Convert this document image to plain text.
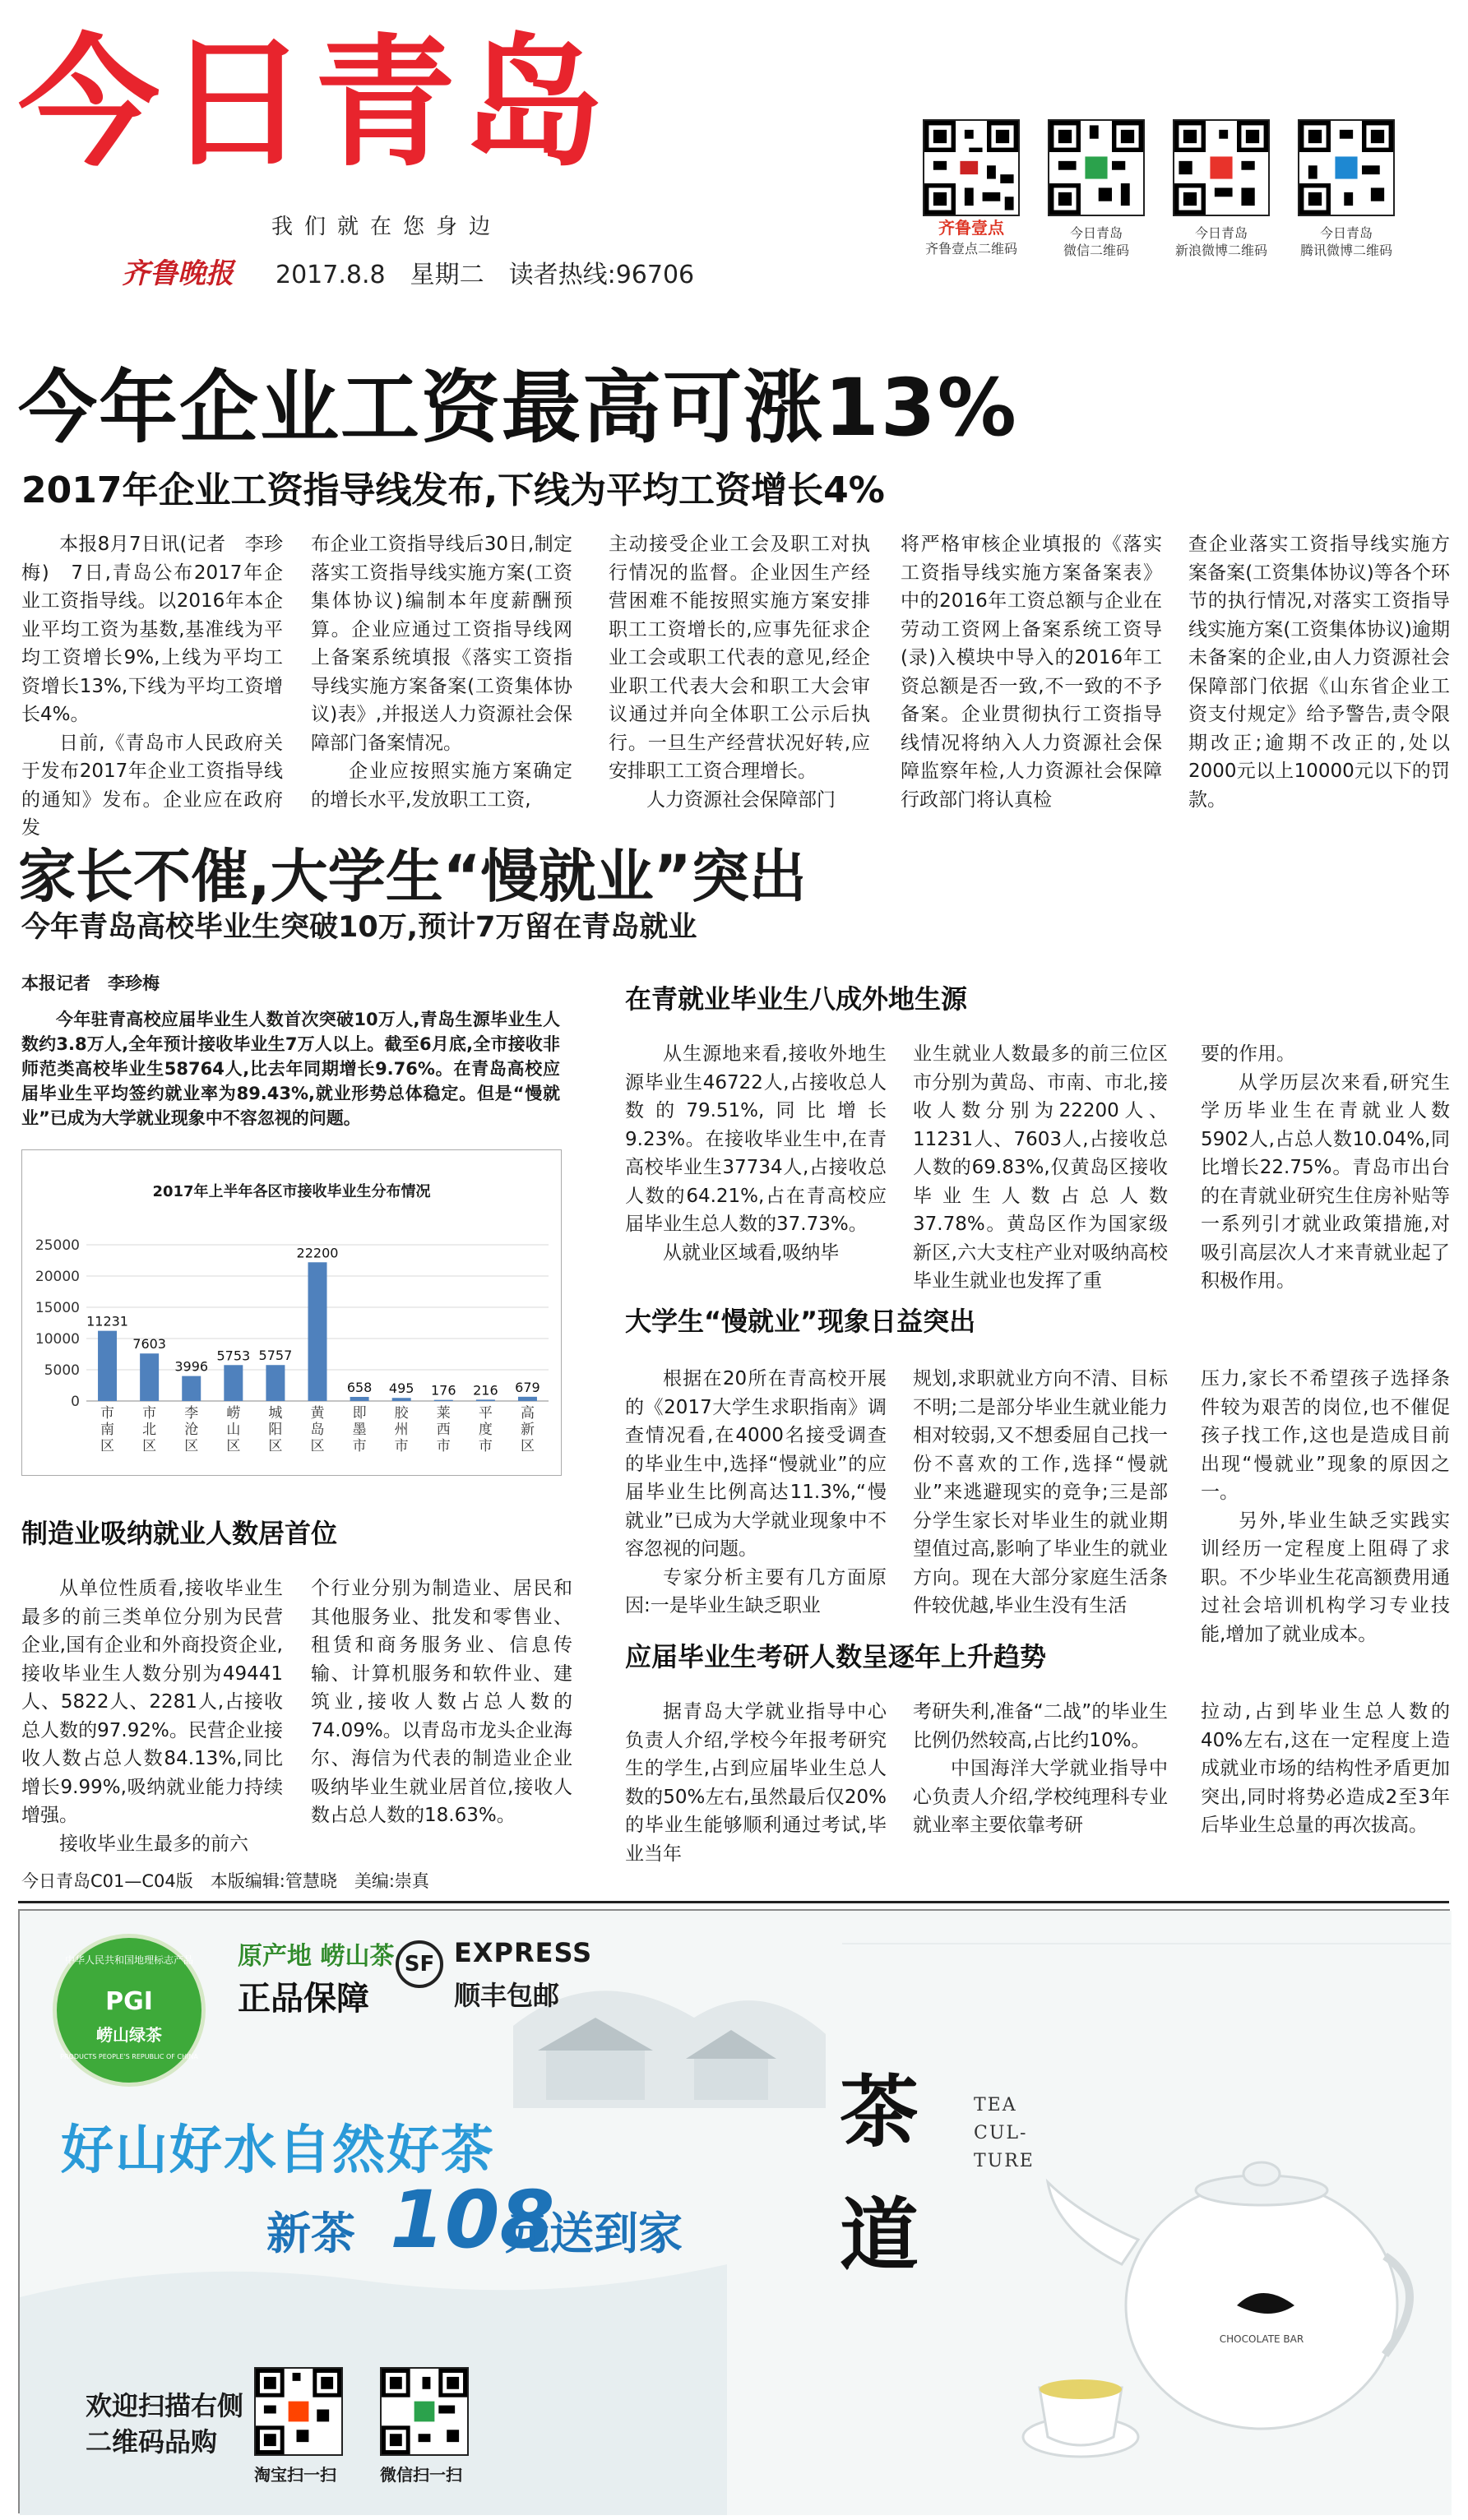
今日青岛
我们就在您身边
齐鲁晚报 2017.8.8　星期二　读者热线:96706
齐鲁壹点
齐鲁壹点二维码
今日青岛
微信二维码
今日青岛
新浪微博二维码
今日青岛
腾讯微博二维码
今年企业工资最高可涨13%
2017年企业工资指导线发布,下线为平均工资增长4%

本报8月7日讯(记者　李珍梅)　7日,青岛公布2017年企业工资指导线。以2016年本企业平均工资为基数,基准线为平均工资增长9%,上线为平均工资增长13%,下线为平均工资增长4%。

日前,《青岛市人民政府关于发布2017年企业工资指导线的通知》发布。企业应在政府发

布企业工资指导线后30日,制定落实工资指导线实施方案(工资集体协议)编制本年度薪酬预算。企业应通过工资指导线网上备案系统填报《落实工资指导线实施方案备案(工资集体协议)表》,并报送人力资源社会保障部门备案情况。

企业应按照实施方案确定的增长水平,发放职工工资,

主动接受企业工会及职工对执行情况的监督。企业因生产经营困难不能按照实施方案安排职工工资增长的,应事先征求企业工会或职工代表的意见,经企业职工代表大会和职工大会审议通过并向全体职工公示后执行。一旦生产经营状况好转,应安排职工工资合理增长。

人力资源社会保障部门

将严格审核企业填报的《落实工资指导线实施方案备案表》中的2016年工资总额与企业在劳动工资网上备案系统工资导(录)入模块中导入的2016年工资总额是否一致,不一致的不予备案。企业贯彻执行工资指导线情况将纳入人力资源社会保障监察年检,人力资源社会保障行政部门将认真检

查企业落实工资指导线实施方案备案(工资集体协议)等各个环节的执行情况,对落实工资指导线实施方案(工资集体协议)逾期未备案的企业,由人力资源社会保障部门依据《山东省企业工资支付规定》给予警告,责令限期改正;逾期不改正的,处以2000元以上10000元以下的罚款。

家长不催,大学生“慢就业”突出
今年青岛高校毕业生突破10万,预计7万留在青岛就业
本报记者　李珍梅

今年驻青高校应届毕业生人数首次突破10万人,青岛生源毕业生人数约3.8万人,全年预计接收毕业生7万人以上。截至6月底,全市接收非师范类高校毕业生58764人,比去年同期增长9.76%。在青岛高校应届毕业生平均签约就业率为89.43%,就业形势总体稳定。但是“慢就业”已成为大学就业现象中不容忽视的问题。

2017年上半年各区市接收毕业生分布情况
0
5000
10000
15000
20000
25000
11231
市南区
7603
市北区
3996
李沧区
5753
崂山区
5757
城阳区
22200
黄岛区
658
即墨市
495
胶州市
176
莱西市
216
平度市
679
高新区
制造业吸纳就业人数居首位

从单位性质看,接收毕业生最多的前三类单位分别为民营企业,国有企业和外商投资企业,接收毕业生人数分别为49441人、5822人、2281人,占接收总人数的97.92%。民营企业接收人数占总人数84.13%,同比增长9.99%,吸纳就业能力持续增强。

接收毕业生最多的前六

个行业分别为制造业、居民和其他服务业、批发和零售业、租赁和商务服务业、信息传输、计算机服务和软件业、建筑业,接收人数占总人数的74.09%。以青岛市龙头企业海尔、海信为代表的制造业企业吸纳毕业生就业居首位,接收人数占总人数的18.63%。

在青就业毕业生八成外地生源

从生源地来看,接收外地生源毕业生46722人,占接收总人数的79.51%,同比增长9.23%。在接收毕业生中,在青高校毕业生37734人,占接收总人数的64.21%,占在青高校应届毕业生总人数的37.73%。

从就业区域看,吸纳毕

业生就业人数最多的前三位区市分别为黄岛、市南、市北,接收人数分别为22200人、11231人、7603人,占接收总人数的69.83%,仅黄岛区接收毕业生人数占总人数37.78%。黄岛区作为国家级新区,六大支柱产业对吸纳高校毕业生就业也发挥了重

要的作用。

从学历层次来看,研究生学历毕业生在青就业人数5902人,占总人数10.04%,同比增长22.75%。青岛市出台的在青就业研究生住房补贴等一系列引才就业政策措施,对吸引高层次人才来青就业起了积极作用。

大学生“慢就业”现象日益突出

根据在20所在青高校开展的《2017大学生求职指南》调查情况看,在4000名接受调查的毕业生中,选择“慢就业”的应届毕业生比例高达11.3%,“慢就业”已成为大学就业现象中不容忽视的问题。

专家分析主要有几方面原因:一是毕业生缺乏职业

规划,求职就业方向不清、目标不明;二是部分毕业生就业能力相对较弱,又不想委屈自己找一份不喜欢的工作,选择“慢就业”来逃避现实的竞争;三是部分学生家长对毕业生的就业期望值过高,影响了毕业生的就业方向。现在大部分家庭生活条件较优越,毕业生没有生活

压力,家长不希望孩子选择条件较为艰苦的岗位,也不催促孩子找工作,这也是造成目前出现“慢就业”现象的原因之一。

另外,毕业生缺乏实践实训经历一定程度上阻碍了求职。不少毕业生花高额费用通过社会培训机构学习专业技能,增加了就业成本。

应届毕业生考研人数呈逐年上升趋势

据青岛大学就业指导中心负责人介绍,学校今年报考研究生的学生,占到应届毕业生总人数的50%左右,虽然最后仅20%的毕业生能够顺利通过考试,毕业当年

考研失利,准备“二战”的毕业生比例仍然较高,占比约10%。

中国海洋大学就业指导中心负责人介绍,学校纯理科专业就业率主要依靠考研

拉动,占到毕业生总人数的40%左右,这在一定程度上造成就业市场的结构性矛盾更加突出,同时将势必造成2至3年后毕业生总量的再次拔高。

今日青岛C01—C04版　本版编辑:管慧晓　美编:崇真
中华人民共和国地理标志产品
PGI
崂山绿茶
PRODUCTS PEOPLE'S REPUBLIC OF CHINA
原产地 崂山茶
正品保障
SF EXPRESS
顺丰包邮
好山好水自然好茶
新茶 108
元送到家
欢迎扫描右侧
二维码品购
淘宝扫一扫	微信扫一扫
茶道
TEA
CUL-
TURE
CHOCOLATE BAR
